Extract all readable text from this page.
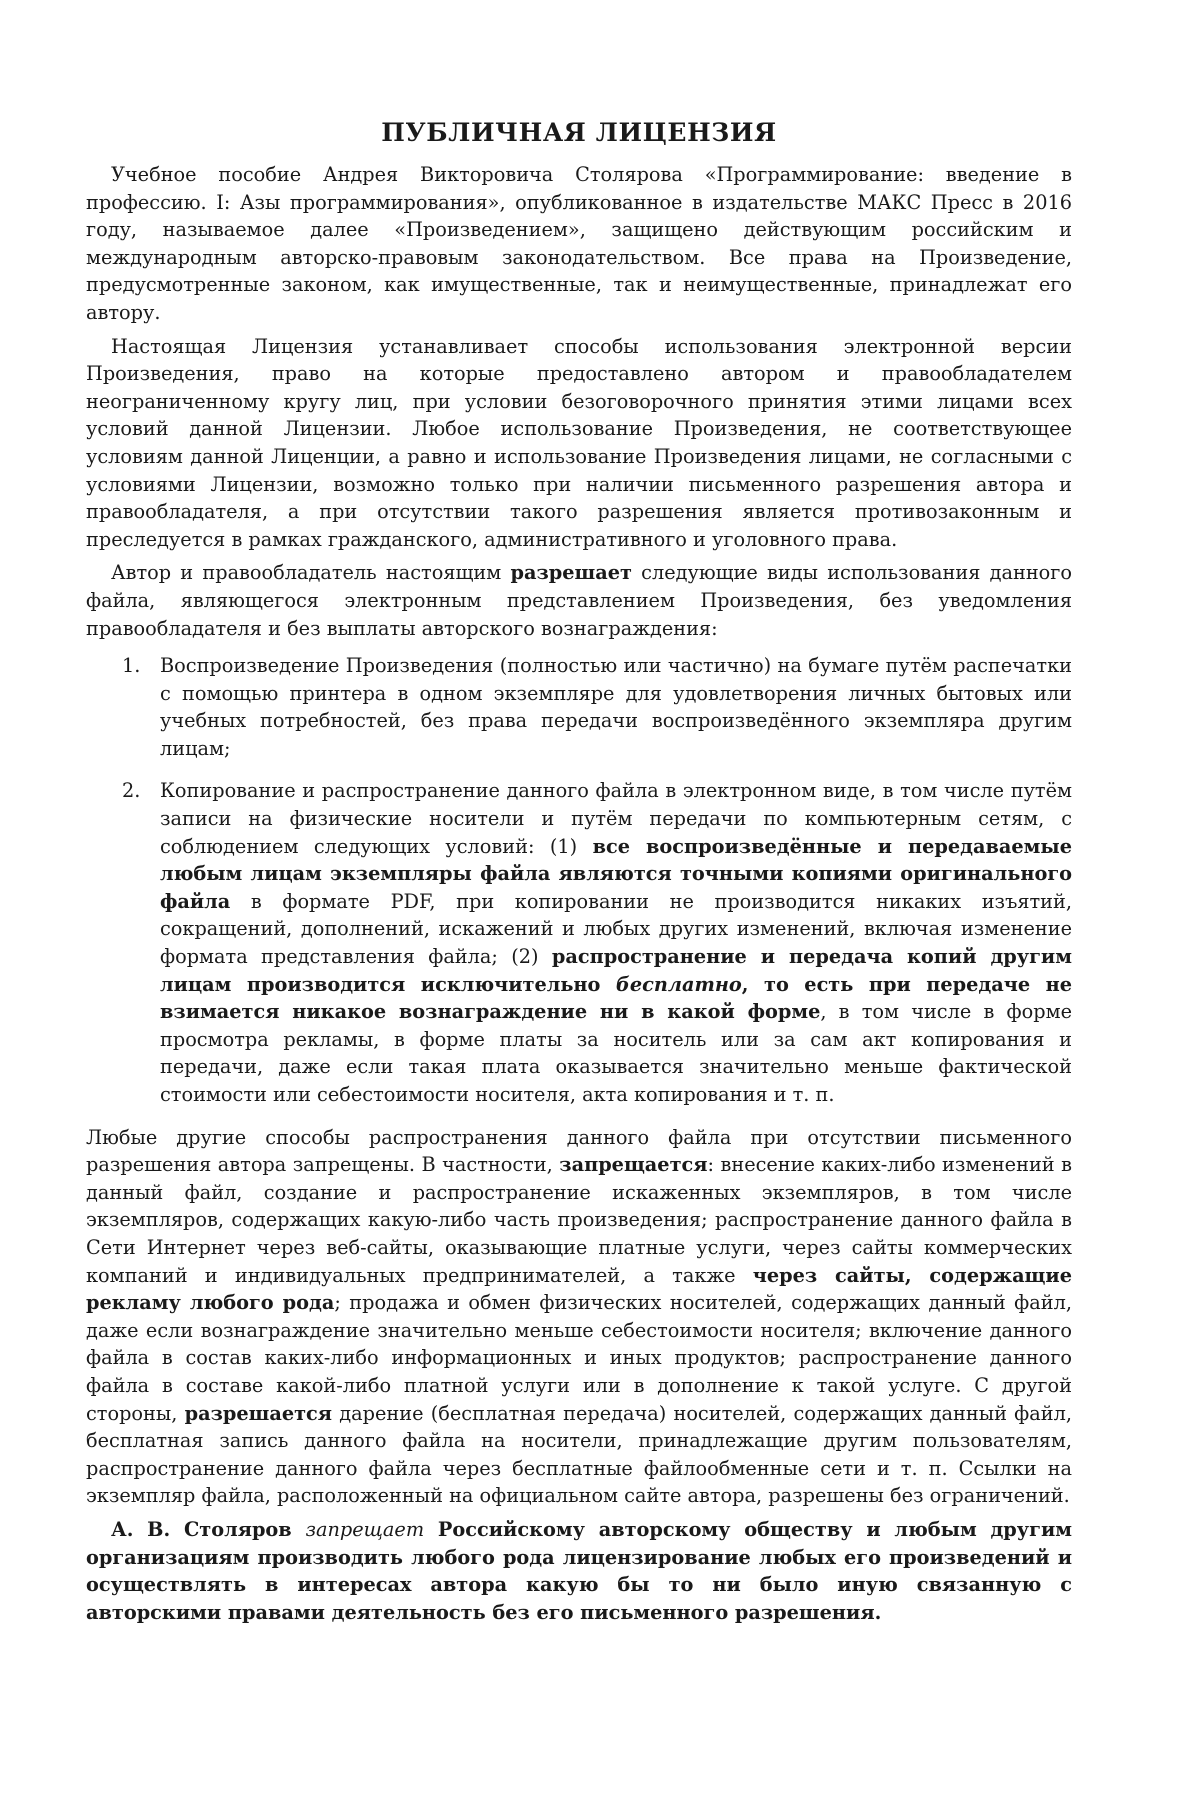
ПУБЛИЧНАЯ ЛИЦЕНЗИЯ

Учебное пособие Андрея Викторовича Столярова «Программирование: введение в профессию. I: Азы программирования», опубликованное в издательстве МАКС Пресс в 2016 году, называемое далее «Произведением», защищено действующим российским и международным авторско-правовым законодательством. Все права на Произведение, предусмотренные законом, как имущественные, так и неимущественные, принадлежат его автору.

Настоящая Лицензия устанавливает способы использования электронной версии Произведения, право на которые предоставлено автором и правообладателем неограниченному кругу лиц, при условии безоговорочного принятия этими лицами всех условий данной Лицензии. Любое использование Произведения, не соответствующее условиям данной Лиценции, а равно и использование Произведения лицами, не согласными с условиями Лицензии, возможно только при наличии письменного разрешения автора и правообладателя, а при отсутствии такого разрешения является противозаконным и преследуется в рамках гражданского, административного и уголовного права.

Автор и правообладатель настоящим разрешает следующие виды использования данного файла, являющегося электронным представлением Произведения, без уведомления правообладателя и без выплаты авторского вознаграждения:

1. Воспроизведение Произведения (полностью или частично) на бумаге путём распечатки с помощью принтера в одном экземпляре для удовлетворения личных бытовых или учебных потребностей, без права передачи воспроизведённого экземпляра другим лицам;
2. Копирование и распространение данного файла в электронном виде, в том числе путём записи на физические носители и путём передачи по компьютерным сетям, с соблюдением следующих условий: (1) все воспроизведённые и передаваемые любым лицам экземпляры файла являются точными копиями оригинального файла в формате PDF, при копировании не производится никаких изъятий, сокращений, дополнений, искажений и любых других изменений, включая изменение формата представления файла; (2) распространение и передача копий другим лицам производится исключительно бесплатно, то есть при передаче не взимается никакое вознаграждение ни в какой форме, в том числе в форме просмотра рекламы, в форме платы за носитель или за сам акт копирования и передачи, даже если такая плата оказывается значительно меньше фактической стоимости или себестоимости носителя, акта копирования и т. п.

Любые другие способы распространения данного файла при отсутствии письменного разрешения автора запрещены. В частности, запрещается: внесение каких-либо изменений в данный файл, создание и распространение искаженных экземпляров, в том числе экземпляров, содержащих какую-либо часть произведения; распространение данного файла в Сети Интернет через веб-сайты, оказывающие платные услуги, через сайты коммерческих компаний и индивидуальных предпринимателей, а также через сайты, содержащие рекламу любого рода; продажа и обмен физических носителей, содержащих данный файл, даже если вознаграждение значительно меньше себестоимости носителя; включение данного файла в состав каких-либо информационных и иных продуктов; распространение данного файла в составе какой-либо платной услуги или в дополнение к такой услуге. С другой стороны, разрешается дарение (бесплатная передача) носителей, содержащих данный файл, бесплатная запись данного файла на носители, принадлежащие другим пользователям, распространение данного файла через бесплатные файлообменные сети и т. п. Ссылки на экземпляр файла, расположенный на официальном сайте автора, разрешены без ограничений.

А. В. Столяров запрещает Российскому авторскому обществу и любым другим организациям производить любого рода лицензирование любых его произведений и осуществлять в интересах автора какую бы то ни было иную связанную с авторскими правами деятельность без его письменного разрешения.
